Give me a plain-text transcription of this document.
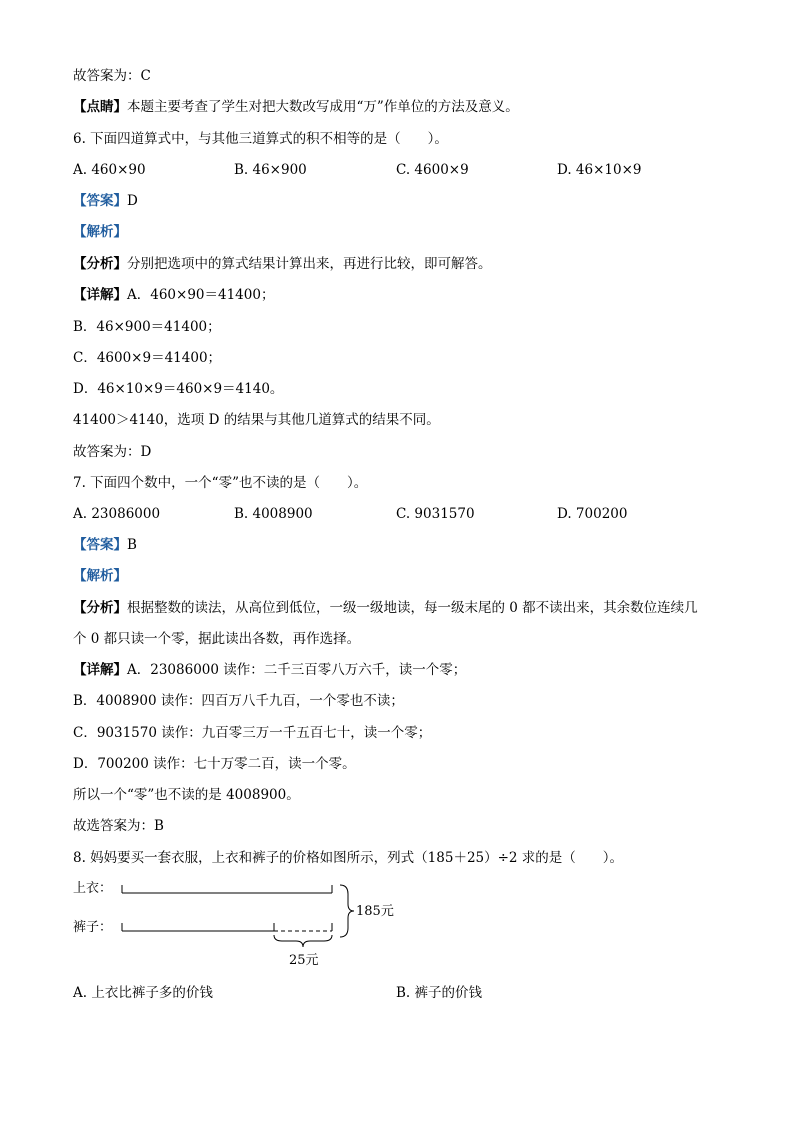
故答案为：C
【点睛】本题主要考查了学生对把大数改写成用“万”作单位的方法及意义。
6. 下面四道算式中，与其他三道算式的积不相等的是（　　）。
A. 460×90	B. 46×900	C. 4600×9	D. 46×10×9
【答案】D
【解析】
【分析】分别把选项中的算式结果计算出来，再进行比较，即可解答。
【详解】A．460×90＝41400；
B．46×900＝41400；
C．4600×9＝41400；
D．46×10×9＝460×9＝4140。
41400＞4140，选项 D 的结果与其他几道算式的结果不同。
故答案为：D
7. 下面四个数中，一个“零”也不读的是（　　）。
A. 23086000	B. 4008900	C. 9031570	D. 700200
【答案】B
【解析】
【分析】根据整数的读法，从高位到低位，一级一级地读，每一级末尾的 0 都不读出来，其余数位连续几
个 0 都只读一个零，据此读出各数，再作选择。
【详解】A．23086000 读作：二千三百零八万六千，读一个零；
B．4008900 读作：四百万八千九百，一个零也不读；
C．9031570 读作：九百零三万一千五百七十，读一个零；
D．700200 读作：七十万零二百，读一个零。
所以一个“零”也不读的是 4008900。
故选答案为：B
8. 妈妈要买一套衣服，上衣和裤子的价格如图所示，列式（185＋25）÷2 求的是（　　）。
上衣：
裤子：
185元
25元
A. 上衣比裤子多的价钱	B. 裤子的价钱
